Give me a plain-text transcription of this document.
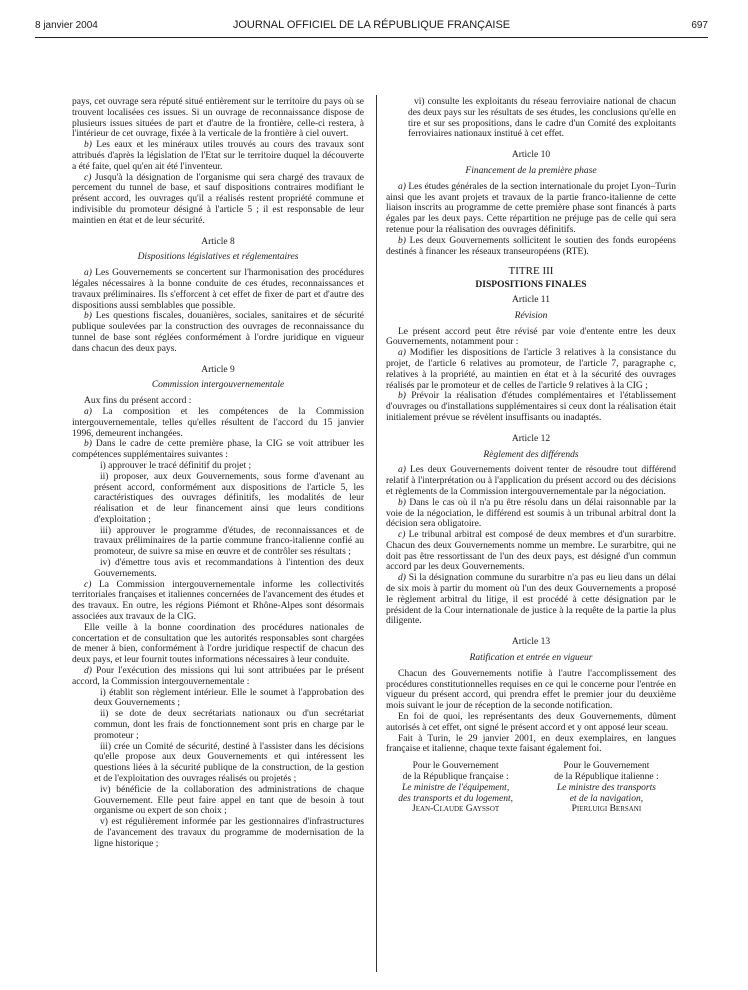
8 janvier 2004	JOURNAL OFFICIEL DE LA RÉPUBLIQUE FRANÇAISE	697

pays, cet ouvrage sera réputé situé entièrement sur le territoire du pays où se trouvent localisées ces issues. Si un ouvrage de reconnaissance dispose de plusieurs issues situées de part et d'autre de la frontière, celle-ci restera, à l'intérieur de cet ouvrage, fixée à la verticale de la frontière à ciel ouvert.

b) Les eaux et les minéraux utiles trouvés au cours des travaux sont attribués d'après la législation de l'Etat sur le territoire duquel la découverte a été faite, quel qu'en ait été l'inventeur.

c) Jusqu'à la désignation de l'organisme qui sera chargé des travaux de percement du tunnel de base, et sauf dispositions contraires modifiant le présent accord, les ouvrages qu'il a réalisés restent propriété commune et indivisible du promoteur désigné à l'article 5 ; il est responsable de leur maintien en état et de leur sécurité.

Article 8
Dispositions législatives et réglementaires

a) Les Gouvernements se concertent sur l'harmonisation des procédures légales nécessaires à la bonne conduite de ces études, reconnaissances et travaux préliminaires. Ils s'efforcent à cet effet de fixer de part et d'autre des dispositions aussi semblables que possible.

b) Les questions fiscales, douanières, sociales, sanitaires et de sécurité publique soulevées par la construction des ouvrages de reconnaissance du tunnel de base sont réglées conformément à l'ordre juridique en vigueur dans chacun des deux pays.

Article 9
Commission intergouvernementale

Aux fins du présent accord :

a) La composition et les compétences de la Commission intergouvernementale, telles qu'elles résultent de l'accord du 15 janvier 1996, demeurent inchangées.

b) Dans le cadre de cette première phase, la CIG se voit attribuer les compétences supplémentaires suivantes :

i) approuver le tracé définitif du projet ;

ii) proposer, aux deux Gouvernements, sous forme d'avenant au présent accord, conformément aux dispositions de l'article 5, les caractéristiques des ouvrages définitifs, les modalités de leur réalisation et de leur financement ainsi que leurs conditions d'exploitation ;

iii) approuver le programme d'études, de reconnaissances et de travaux préliminaires de la partie commune franco-italienne confié au promoteur, de suivre sa mise en œuvre et de contrôler ses résultats ;

iv) d'émettre tous avis et recommandations à l'intention des deux Gouvernements.

c) La Commission intergouvernementale informe les collectivités territoriales françaises et italiennes concernées de l'avancement des études et des travaux. En outre, les régions Piémont et Rhône-Alpes sont désormais associées aux travaux de la CIG.

Elle veille à la bonne coordination des procédures nationales de concertation et de consultation que les autorités responsables sont chargées de mener à bien, conformément à l'ordre juridique respectif de chacun des deux pays, et leur fournit toutes informations nécessaires à leur conduite.

d) Pour l'exécution des missions qui lui sont attribuées par le présent accord, la Commission intergouvernementale :

i) établit son règlement intérieur. Elle le soumet à l'approbation des deux Gouvernements ;

ii) se dote de deux secrétariats nationaux ou d'un secrétariat commun, dont les frais de fonctionnement sont pris en charge par le promoteur ;

iii) crée un Comité de sécurité, destiné à l'assister dans les décisions qu'elle propose aux deux Gouvernements et qui intéressent les questions liées à la sécurité publique de la construction, de la gestion et de l'exploitation des ouvrages réalisés ou projetés ;

iv) bénéficie de la collaboration des administrations de chaque Gouvernement. Elle peut faire appel en tant que de besoin à tout organisme ou expert de son choix ;

v) est régulièrement informée par les gestionnaires d'infrastructures de l'avancement des travaux du programme de modernisation de la ligne historique ;

vi) consulte les exploitants du réseau ferroviaire national de chacun des deux pays sur les résultats de ses études, les conclusions qu'elle en tire et sur ses propositions, dans le cadre d'un Comité des exploitants ferroviaires nationaux institué à cet effet.

Article 10
Financement de la première phase

a) Les études générales de la section internationale du projet Lyon–Turin ainsi que les avant projets et travaux de la partie franco-italienne de cette liaison inscrits au programme de cette première phase sont financés à parts égales par les deux pays. Cette répartition ne préjuge pas de celle qui sera retenue pour la réalisation des ouvrages définitifs.

b) Les deux Gouvernements sollicitent le soutien des fonds européens destinés à financer les réseaux transeuropéens (RTE).

TITRE III
DISPOSITIONS FINALES
Article 11
Révision

Le présent accord peut être révisé par voie d'entente entre les deux Gouvernements, notamment pour :

a) Modifier les dispositions de l'article 3 relatives à la consistance du projet, de l'article 6 relatives au promoteur, de l'article 7, paragraphe c, relatives à la propriété, au maintien en état et à la sécurité des ouvrages réalisés par le promoteur et de celles de l'article 9 relatives à la CIG ;

b) Prévoir la réalisation d'études complémentaires et l'établissement d'ouvrages ou d'installations supplémentaires si ceux dont la réalisation était initialement prévue se révèlent insuffisants ou inadaptés.

Article 12
Règlement des différends

a) Les deux Gouvernements doivent tenter de résoudre tout différend relatif à l'interprétation ou à l'application du présent accord ou des décisions et règlements de la Commission intergouvernementale par la négociation.

b) Dans le cas où il n'a pu être résolu dans un délai raisonnable par la voie de la négociation, le différend est soumis à un tribunal arbitral dont la décision sera obligatoire.

c) Le tribunal arbitral est composé de deux membres et d'un surarbitre. Chacun des deux Gouvernements nomme un membre. Le surarbitre, qui ne doit pas être ressortissant de l'un des deux pays, est désigné d'un commun accord par les deux Gouvernements.

d) Si la désignation commune du surarbitre n'a pas eu lieu dans un délai de six mois à partir du moment où l'un des deux Gouvernements a proposé le règlement arbitral du litige, il est procédé à cette désignation par le président de la Cour internationale de justice à la requête de la partie la plus diligente.

Article 13
Ratification et entrée en vigueur

Chacun des Gouvernements notifie à l'autre l'accomplissement des procédures constitutionnelles requises en ce qui le concerne pour l'entrée en vigueur du présent accord, qui prendra effet le premier jour du deuxième mois suivant le jour de réception de la seconde notification.

En foi de quoi, les représentants des deux Gouvernements, dûment autorisés à cet effet, ont signé le présent accord et y ont apposé leur sceau.

Fait à Turin, le 29 janvier 2001, en deux exemplaires, en langues française et italienne, chaque texte faisant également foi.

Pour le Gouvernement
de la République française :
Le ministre de l'équipement,
des transports et du logement,
Jean-Claude Gayssot
Pour le Gouvernement
de la République italienne :
Le ministre des transports
et de la navigation,
Pierluigi Bersani
